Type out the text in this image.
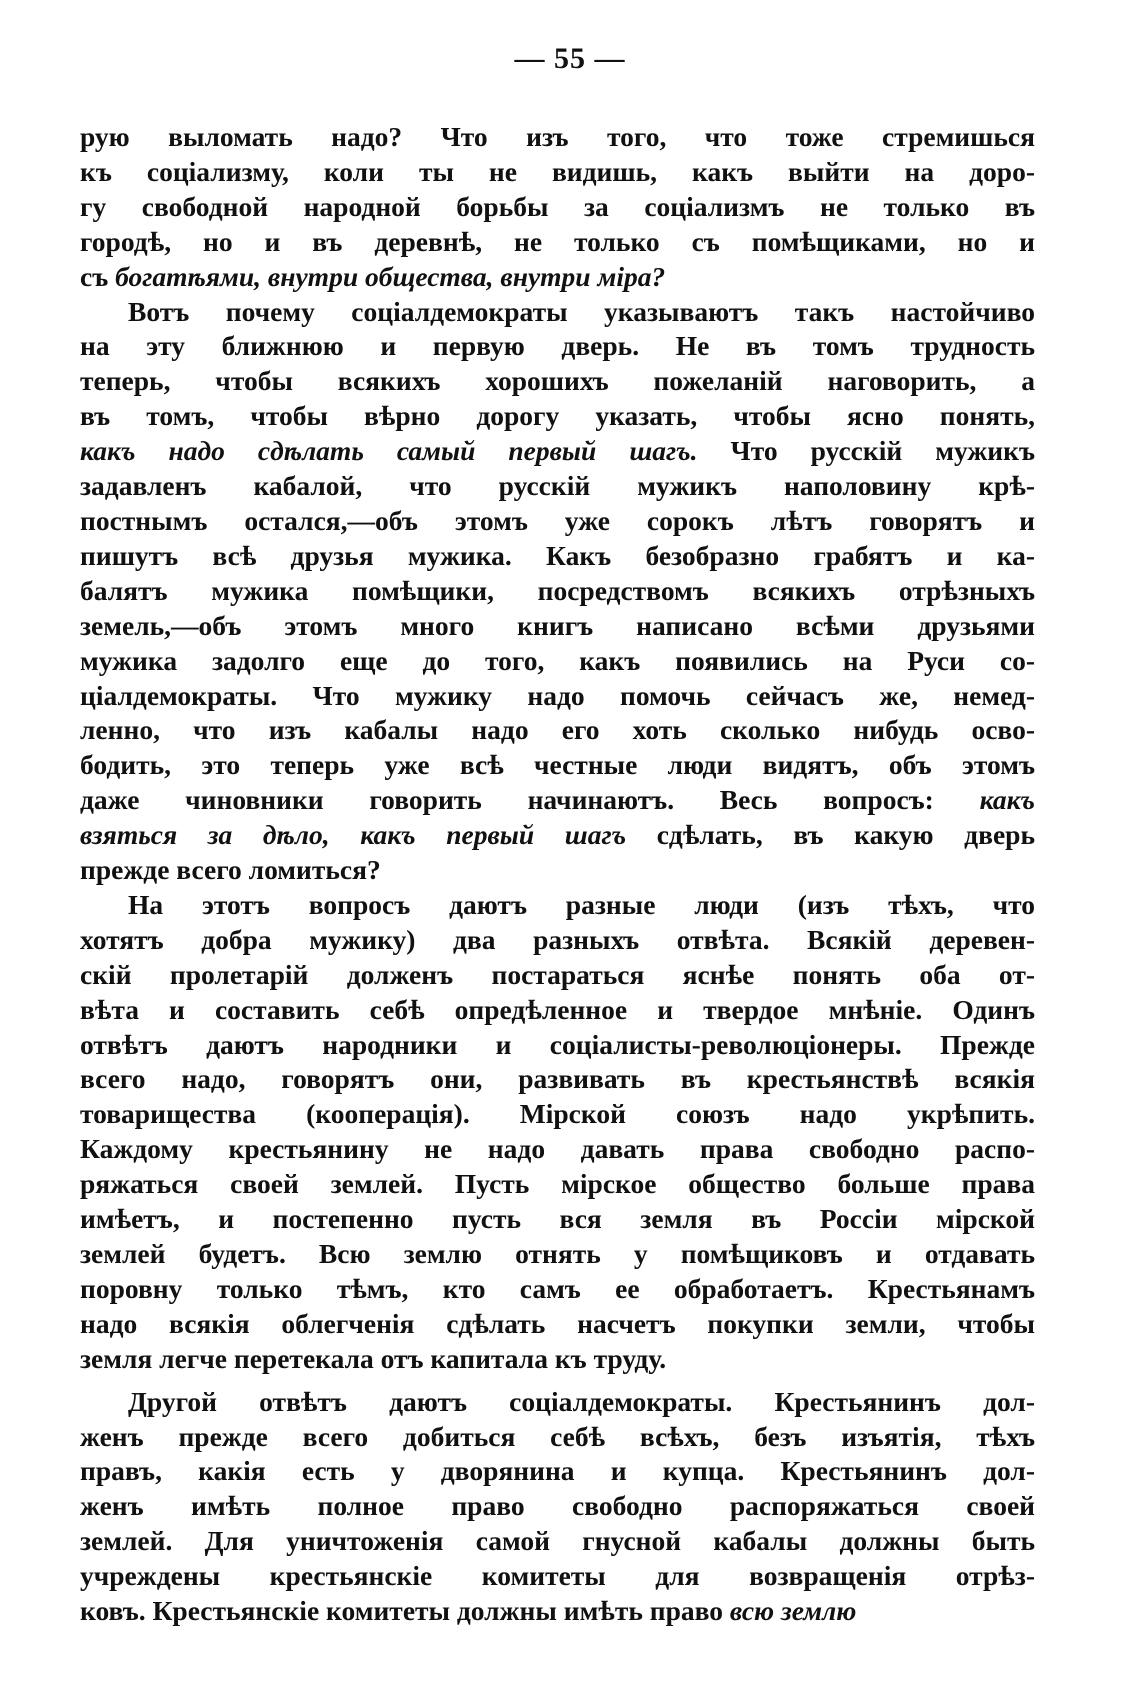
— 55 —

рую выломать надо? Что изъ того, что тоже стремишься
къ соціализму, коли ты не видишь, какъ выйти на доро-
гу свободной народной борьбы за соціализмъ не только въ
городѣ, но и въ деревнѣ, не только съ помѣщиками, но и
съ богатѣями, внутри общества, внутри міра?

Вотъ почему соціалдемократы указываютъ такъ настойчиво
на эту ближнюю и первую дверь. Не въ томъ трудность
теперь, чтобы всякихъ хорошихъ пожеланій наговорить, а
въ томъ, чтобы вѣрно дорогу указать, чтобы ясно понять,
какъ надо сдѣлать самый первый шагъ. Что русскій мужикъ
задавленъ кабалой, что русскій мужикъ наполовину крѣ-
постнымъ остался,—объ этомъ уже сорокъ лѣтъ говорятъ и
пишутъ всѣ друзья мужика. Какъ безобразно грабятъ и ка-
балятъ мужика помѣщики, посредствомъ всякихъ отрѣзныхъ
земель,—объ этомъ много книгъ написано всѣми друзьями
мужика задолго еще до того, какъ появились на Руси со-
ціалдемократы. Что мужику надо помочь сейчасъ же, немед-
ленно, что изъ кабалы надо его хоть сколько нибудь осво-
бодить, это теперь уже всѣ честные люди видятъ, объ этомъ
даже чиновники говорить начинаютъ. Весь вопросъ: какъ
взяться за дѣло, какъ первый шагъ сдѣлать, въ какую дверь
прежде всего ломиться?

На этотъ вопросъ даютъ разные люди (изъ тѣхъ, что
хотятъ добра мужику) два разныхъ отвѣта. Всякій деревен-
скій пролетарій долженъ постараться яснѣе понять оба от-
вѣта и составить себѣ опредѣленное и твердое мнѣніе. Одинъ
отвѣтъ даютъ народники и соціалисты-революціонеры. Прежде
всего надо, говорятъ они, развивать въ крестьянствѣ всякія
товарищества (кооперація). Мірской союзъ надо укрѣпить.
Каждому крестьянину не надо давать права свободно распо-
ряжаться своей землей. Пусть мірское общество больше права
имѣетъ, и постепенно пусть вся земля въ Россіи мірской
землей будетъ. Всю землю отнять у помѣщиковъ и отдавать
поровну только тѣмъ, кто самъ ее обработаетъ. Крестьянамъ
надо всякія облегченія сдѣлать насчетъ покупки земли, чтобы
земля легче перетекала отъ капитала къ труду.

Другой отвѣтъ даютъ соціалдемократы. Крестьянинъ дол-
женъ прежде всего добиться себѣ всѣхъ, безъ изъятія, тѣхъ
правъ, какія есть у дворянина и купца. Крестьянинъ дол-
женъ имѣть полное право свободно распоряжаться своей
землей. Для уничтоженія самой гнусной кабалы должны быть
учреждены крестьянскіе комитеты для возвращенія отрѣз-
ковъ. Крестьянскіе комитеты должны имѣть право всю землю
